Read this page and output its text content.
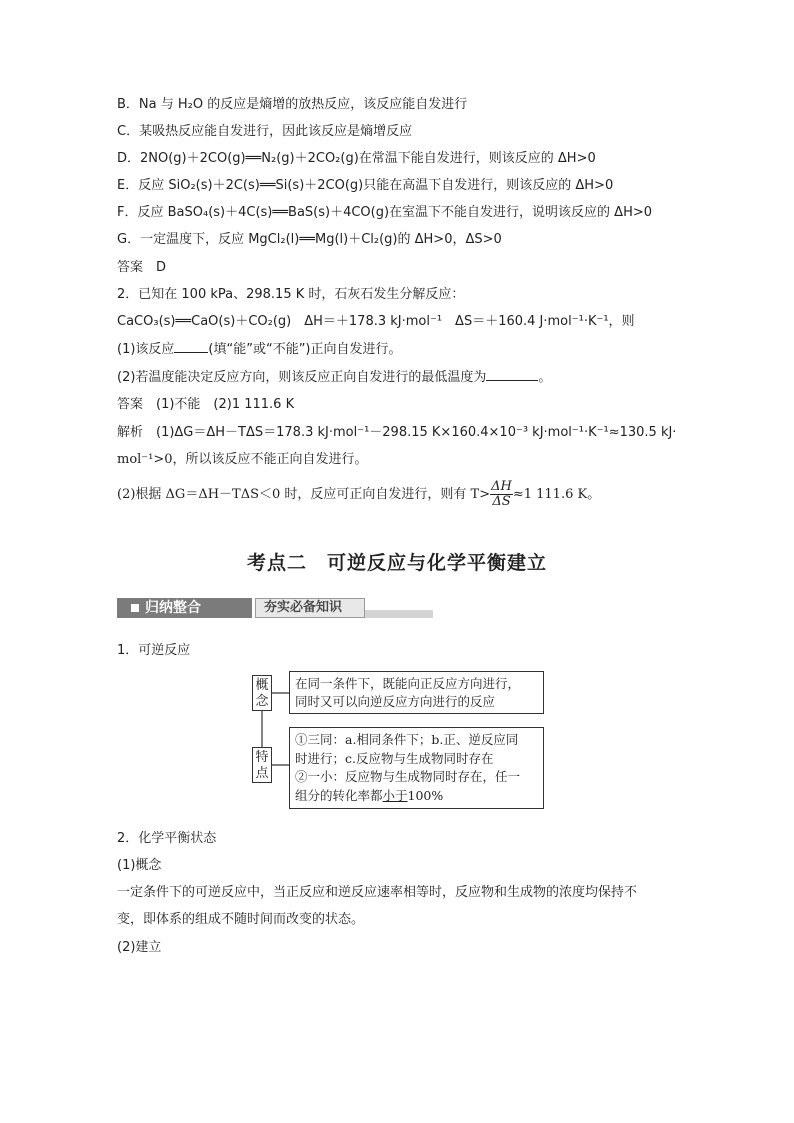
B．Na 与 H₂O 的反应是熵增的放热反应，该反应能自发进行
C．某吸热反应能自发进行，因此该反应是熵增反应
D．2NO(g)＋2CO(g)══N₂(g)＋2CO₂(g)在常温下能自发进行，则该反应的 ΔH>0
E．反应 SiO₂(s)＋2C(s)══Si(s)＋2CO(g)只能在高温下自发进行，则该反应的 ΔH>0
F．反应 BaSO₄(s)＋4C(s)══BaS(s)＋4CO(g)在室温下不能自发进行，说明该反应的 ΔH>0
G．一定温度下，反应 MgCl₂(l)══Mg(l)＋Cl₂(g)的 ΔH>0，ΔS>0
答案　D
2．已知在 100 kPa、298.15 K 时，石灰石发生分解反应：
CaCO₃(s)══CaO(s)＋CO₂(g)　ΔH＝＋178.3 kJ·mol⁻¹　ΔS＝＋160.4 J·mol⁻¹·K⁻¹，则
(1)该反应	(填“能”或“不能”)正向自发进行。
(2)若温度能决定反应方向，则该反应正向自发进行的最低温度为	。
答案　(1)不能　(2)1 111.6 K
解析　(1)ΔG＝ΔH－TΔS＝178.3 kJ·mol⁻¹－298.15 K×160.4×10⁻³ kJ·mol⁻¹·K⁻¹≈130.5 kJ·
mol⁻¹>0，所以该反应不能正向自发进行。
(2)根据 ΔG＝ΔH－TΔS＜0 时，反应可正向自发进行，则有 $T> \frac{\Delta H}{\Delta S} \approx 1$ 111.6 K。
考点二　可逆反应与化学平衡建立
归纳整合	夯实必备知识
1．可逆反应
概念
在同一条件下，既能向正反应方向进行，
同时又可以向逆反应方向进行的反应
特点
①三同：a.相同条件下；b.正、逆反应同
时进行；c.反应物与生成物同时存在
②一小：反应物与生成物同时存在，任一
组分的转化率都小于100%
2．化学平衡状态
(1)概念
一定条件下的可逆反应中，当正反应和逆反应速率相等时，反应物和生成物的浓度均保持不
变，即体系的组成不随时间而改变的状态。
(2)建立
